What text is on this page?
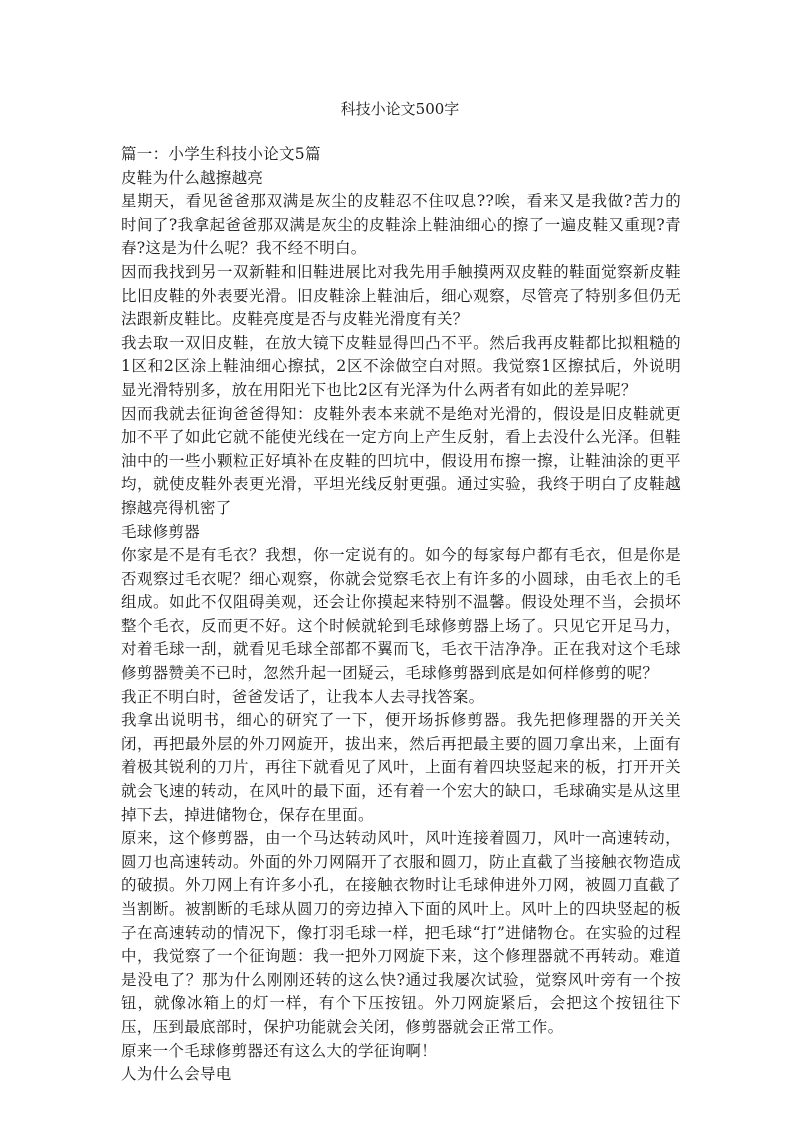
科技小论文500字

篇一：小学生科技小论文5篇

皮鞋为什么越擦越亮

星期天，看见爸爸那双满是灰尘的皮鞋忍不住叹息??唉，看来又是我做?苦力的时间了?我拿起爸爸那双满是灰尘的皮鞋涂上鞋油细心的擦了一遍皮鞋又重现?青春?这是为什么呢？我不经不明白。

因而我找到另一双新鞋和旧鞋进展比对我先用手触摸两双皮鞋的鞋面觉察新皮鞋比旧皮鞋的外表要光滑。旧皮鞋涂上鞋油后，细心观察，尽管亮了特别多但仍无法跟新皮鞋比。皮鞋亮度是否与皮鞋光滑度有关？

我去取一双旧皮鞋，在放大镜下皮鞋显得凹凸不平。然后我再皮鞋都比拟粗糙的1区和2区涂上鞋油细心擦拭，2区不涂做空白对照。我觉察1区擦拭后，外说明显光滑特别多，放在用阳光下也比2区有光泽为什么两者有如此的差异呢？

因而我就去征询爸爸得知：皮鞋外表本来就不是绝对光滑的，假设是旧皮鞋就更加不平了如此它就不能使光线在一定方向上产生反射，看上去没什么光泽。但鞋油中的一些小颗粒正好填补在皮鞋的凹坑中，假设用布擦一擦，让鞋油涂的更平均，就使皮鞋外表更光滑，平坦光线反射更强。通过实验，我终于明白了皮鞋越擦越亮得机密了

毛球修剪器

你家是不是有毛衣？我想，你一定说有的。如今的每家每户都有毛衣，但是你是否观察过毛衣呢？细心观察，你就会觉察毛衣上有许多的小圆球，由毛衣上的毛组成。如此不仅阻碍美观，还会让你摸起来特别不温馨。假设处理不当，会损坏整个毛衣，反而更不好。这个时候就轮到毛球修剪器上场了。只见它开足马力，对着毛球一刮，就看见毛球全部都不翼而飞，毛衣干洁净净。正在我对这个毛球修剪器赞美不已时，忽然升起一团疑云，毛球修剪器到底是如何样修剪的呢？

我正不明白时，爸爸发话了，让我本人去寻找答案。

我拿出说明书，细心的研究了一下，便开场拆修剪器。我先把修理器的开关关闭，再把最外层的外刀网旋开，拔出来，然后再把最主要的圆刀拿出来，上面有着极其锐利的刀片，再往下就看见了风叶，上面有着四块竖起来的板，打开开关就会飞速的转动，在风叶的最下面，还有着一个宏大的缺口，毛球确实是从这里掉下去，掉进储物仓，保存在里面。

原来，这个修剪器，由一个马达转动风叶，风叶连接着圆刀，风叶一高速转动，圆刀也高速转动。外面的外刀网隔开了衣服和圆刀，防止直截了当接触衣物造成的破损。外刀网上有许多小孔，在接触衣物时让毛球伸进外刀网，被圆刀直截了当割断。被割断的毛球从圆刀的旁边掉入下面的风叶上。风叶上的四块竖起的板子在高速转动的情况下，像打羽毛球一样，把毛球“打”进储物仓。在实验的过程中，我觉察了一个征询题：我一把外刀网旋下来，这个修理器就不再转动。难道是没电了？那为什么刚刚还转的这么快?通过我屡次试验，觉察风叶旁有一个按钮，就像冰箱上的灯一样，有个下压按钮。外刀网旋紧后，会把这个按钮往下压，压到最底部时，保护功能就会关闭，修剪器就会正常工作。

原来一个毛球修剪器还有这么大的学征询啊！

人为什么会导电
